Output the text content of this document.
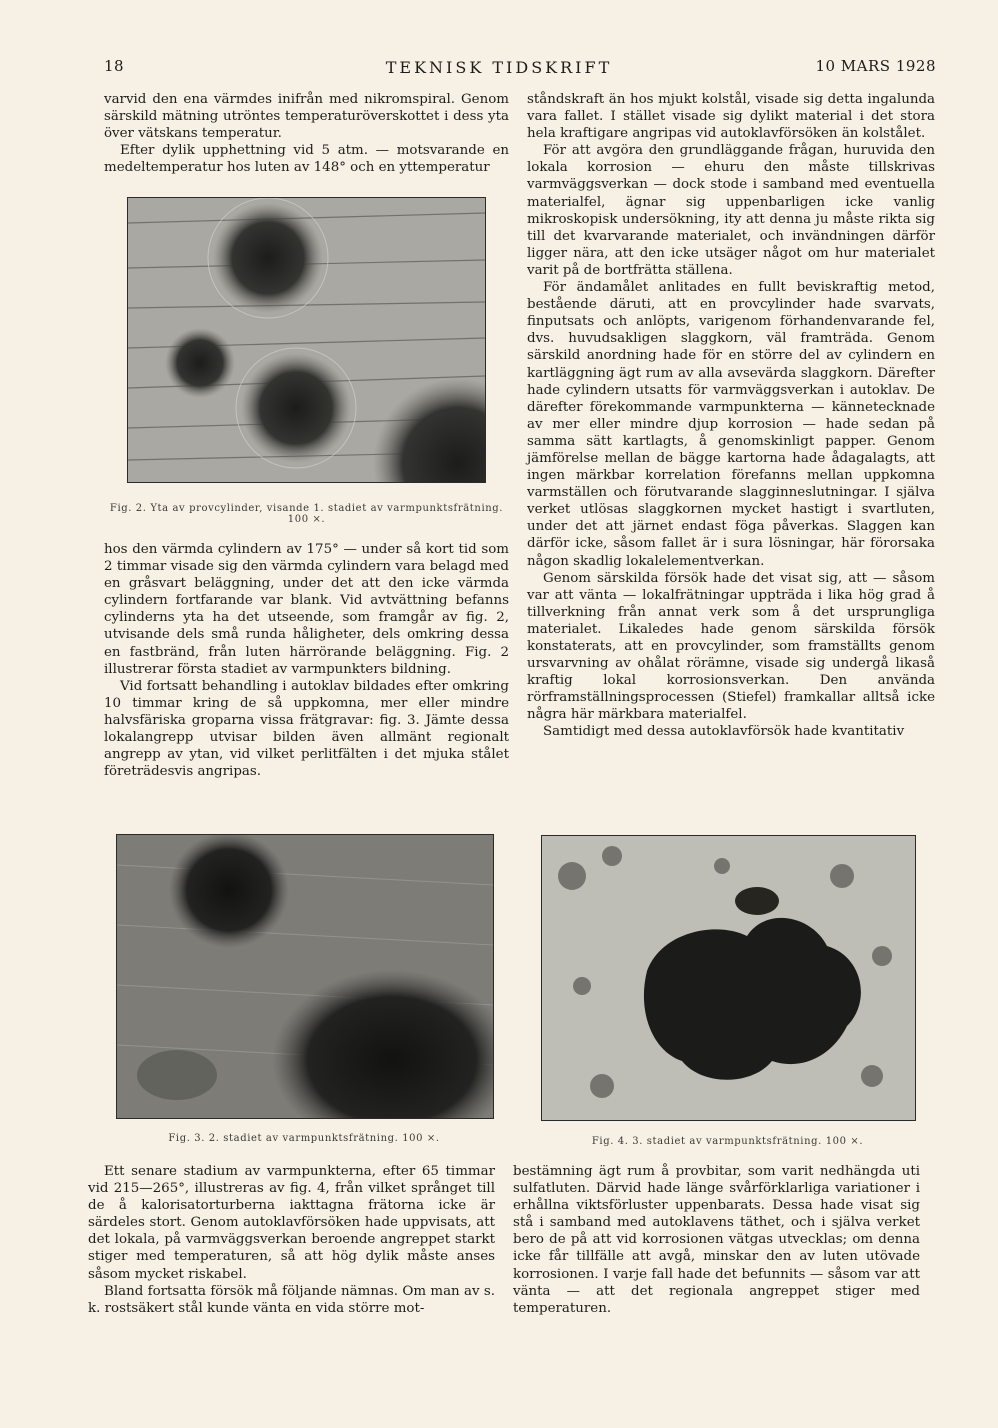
18	TEKNISK TIDSKRIFT	10 MARS 1928

varvid den ena värmdes inifrån med nikromspiral. Genom särskild mätning utröntes temperaturöverskottet i dess yta över vätskans temperatur.

Efter dylik upphettning vid 5 atm. — motsvarande en medeltemperatur hos luten av 148° och en yttemperatur

Fig. 2. Yta av provcylinder, visande 1. stadiet av varmpunktsfrätning.
100 ×.

hos den värmda cylindern av 175° — under så kort tid som 2 timmar visade sig den värmda cylindern vara belagd med en gråsvart beläggning, under det att den icke värmda cylindern fortfarande var blank. Vid avtvättning befanns cylinderns yta ha det utseende, som framgår av fig. 2, utvisande dels små runda håligheter, dels omkring dessa en fastbränd, från luten härrörande beläggning. Fig. 2 illustrerar första stadiet av varmpunkters bildning.

Vid fortsatt behandling i autoklav bildades efter omkring 10 timmar kring de så uppkomna, mer eller mindre halvsfäriska groparna vissa frätgravar: fig. 3. Jämte dessa lokalangrepp utvisar bilden även allmänt regionalt angrepp av ytan, vid vilket perlitfälten i det mjuka stålet företrädesvis angripas.

ståndskraft än hos mjukt kolstål, visade sig detta ingalunda vara fallet. I stället visade sig dylikt material i det stora hela kraftigare angripas vid autoklavförsöken än kolstålet.

För att avgöra den grundläggande frågan, huruvida den lokala korrosion — ehuru den måste tillskrivas varmväggsverkan — dock stode i samband med eventuella materialfel, ägnar sig uppenbarligen icke vanlig mikroskopisk undersökning, ity att denna ju måste rikta sig till det kvarvarande materialet, och invändningen därför ligger nära, att den icke utsäger något om hur materialet varit på de bortfrätta ställena.

För ändamålet anlitades en fullt beviskraftig metod, bestående däruti, att en provcylinder hade svarvats, finputsats och anlöpts, varigenom förhandenvarande fel, dvs. huvudsakligen slaggkorn, väl framträda. Genom särskild anordning hade för en större del av cylindern en kartläggning ägt rum av alla avsevärda slaggkorn. Därefter hade cylindern utsatts för varmväggsverkan i autoklav. De därefter förekommande varmpunkterna — kännetecknade av mer eller mindre djup korrosion — hade sedan på samma sätt kartlagts, å genomskinligt papper. Genom jämförelse mellan de bägge kartorna hade ådagalagts, att ingen märkbar korrelation förefanns mellan uppkomna varmställen och förutvarande slagginneslutningar. I själva verket utlösas slaggkornen mycket hastigt i svartluten, under det att järnet endast föga påverkas. Slaggen kan därför icke, såsom fallet är i sura lösningar, här förorsaka någon skadlig lokalelementverkan.

Genom särskilda försök hade det visat sig, att — såsom var att vänta — lokalfrätningar uppträda i lika hög grad å tillverkning från annat verk som å det ursprungliga materialet. Likaledes hade genom särskilda försök konstaterats, att en provcylinder, som framställts genom ursvarvning av ohålat rörämne, visade sig undergå likaså kraftig lokal korrosionsverkan. Den använda rörframställningsprocessen (Stiefel) framkallar alltså icke några här märkbara materialfel.

Samtidigt med dessa autoklavförsök hade kvantitativ

Fig. 3. 2. stadiet av varmpunktsfrätning. 100 ×.	Fig. 4. 3. stadiet av varmpunktsfrätning. 100 ×.

Ett senare stadium av varmpunkterna, efter 65 timmar vid 215—265°, illustreras av fig. 4, från vilket språnget till de å kalorisatorturberna iakttagna frätorna icke är särdeles stort. Genom autoklavförsöken hade uppvisats, att det lokala, på varmväggsverkan beroende angreppet starkt stiger med temperaturen, så att hög dylik måste anses såsom mycket riskabel.

Bland fortsatta försök må följande nämnas. Om man av s. k. rostsäkert stål kunde vänta en vida större mot-

bestämning ägt rum å provbitar, som varit nedhängda uti sulfatluten. Därvid hade länge svårförklarliga variationer i erhållna viktsförluster uppenbarats. Dessa hade visat sig stå i samband med autoklavens täthet, och i själva verket bero de på att vid korrosionen vätgas utvecklas; om denna icke får tillfälle att avgå, minskar den av luten utövade korrosionen. I varje fall hade det befunnits — såsom var att vänta — att det regionala angreppet stiger med temperaturen.
